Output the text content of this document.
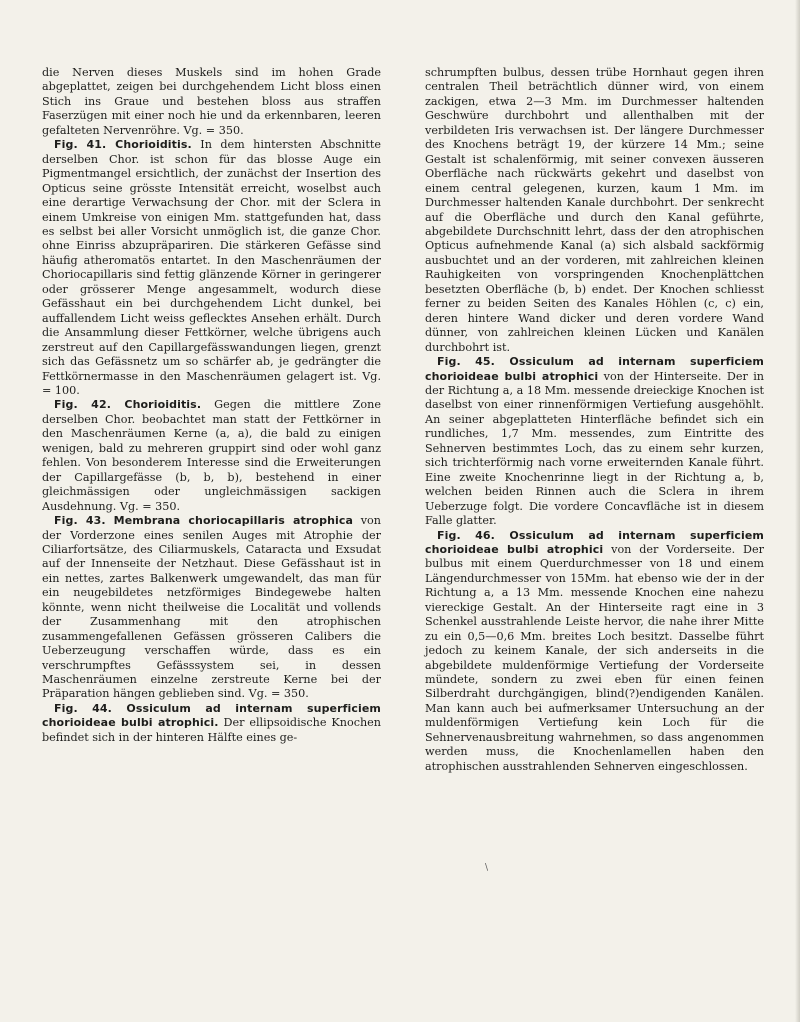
die Nerven dieses Muskels sind im hohen Grade abgeplattet, zeigen bei durchgehendem Licht bloss einen Stich ins Graue und bestehen bloss aus straffen Faserzügen mit einer noch hie und da erkennbaren, leeren gefalteten Nervenröhre. Vg. = 350.

Fig. 41. Chorioiditis. In dem hintersten Abschnitte derselben Chor. ist schon für das blosse Auge ein Pigmentmangel ersichtlich, der zunächst der Insertion des Opticus seine grösste Intensität erreicht, woselbst auch eine derartige Verwachsung der Chor. mit der Sclera in einem Umkreise von einigen Mm. stattgefunden hat, dass es selbst bei aller Vorsicht unmöglich ist, die ganze Chor. ohne Einriss abzupräpariren. Die stärkeren Gefässe sind häufig atheromatös entartet. In den Maschenräumen der Choriocapillaris sind fettig glänzende Körner in geringerer oder grösserer Menge angesammelt, wodurch diese Gefässhaut ein bei durchgehendem Licht dunkel, bei auffallendem Licht weiss geflecktes Ansehen erhält. Durch die Ansammlung dieser Fettkörner, welche übrigens auch zerstreut auf den Capillargefässwandungen liegen, grenzt sich das Gefässnetz um so schärfer ab, je gedrängter die Fettkörnermasse in den Maschenräumen gelagert ist. Vg. = 100.

Fig. 42. Chorioiditis. Gegen die mittlere Zone derselben Chor. beobachtet man statt der Fettkörner in den Maschenräumen Kerne (a, a), die bald zu einigen wenigen, bald zu mehreren gruppirt sind oder wohl ganz fehlen. Von besonderem Interesse sind die Erweiterungen der Capillargefässe (b, b, b), bestehend in einer gleichmässigen oder ungleichmässigen sackigen Ausdehnung. Vg. = 350.

Fig. 43. Membrana choriocapillaris atrophica von der Vorderzone eines senilen Auges mit Atrophie der Ciliarfortsätze, des Ciliarmuskels, Cataracta und Exsudat auf der Innenseite der Netzhaut. Diese Gefässhaut ist in ein nettes, zartes Balkenwerk umgewandelt, das man für ein neugebildetes netzförmiges Bindegewebe halten könnte, wenn nicht theilweise die Localität und vollends der Zusammenhang mit den atrophischen zusammengefallenen Gefässen grösseren Calibers die Ueberzeugung verschaffen würde, dass es ein verschrumpftes Gefässsystem sei, in dessen Maschenräumen einzelne zerstreute Kerne bei der Präparation hängen geblieben sind. Vg. = 350.

Fig. 44. Ossiculum ad internam superficiem chorioideae bulbi atrophici. Der ellipsoidische Knochen befindet sich in der hinteren Hälfte eines ge-

schrumpften bulbus, dessen trübe Hornhaut gegen ihren centralen Theil beträchtlich dünner wird, von einem zackigen, etwa 2—3 Mm. im Durchmesser haltenden Geschwüre durchbohrt und allenthalben mit der verbildeten Iris verwachsen ist. Der längere Durchmesser des Knochens beträgt 19, der kürzere 14 Mm.; seine Gestalt ist schalenförmig, mit seiner convexen äusseren Oberfläche nach rückwärts gekehrt und daselbst von einem central gelegenen, kurzen, kaum 1 Mm. im Durchmesser haltenden Kanale durchbohrt. Der senkrecht auf die Oberfläche und durch den Kanal geführte, abgebildete Durchschnitt lehrt, dass der den atrophischen Opticus aufnehmende Kanal (a) sich alsbald sackförmig ausbuchtet und an der vorderen, mit zahlreichen kleinen Rauhigkeiten von vorspringenden Knochenplättchen besetzten Oberfläche (b, b) endet. Der Knochen schliesst ferner zu beiden Seiten des Kanales Höhlen (c, c) ein, deren hintere Wand dicker und deren vordere Wand dünner, von zahlreichen kleinen Lücken und Kanälen durchbohrt ist.

Fig. 45. Ossiculum ad internam superficiem chorioideae bulbi atrophici von der Hinterseite. Der in der Richtung a, a 18 Mm. messende dreieckige Knochen ist daselbst von einer rinnenförmigen Vertiefung ausgehöhlt. An seiner abgeplatteten Hinterfläche befindet sich ein rundliches, 1,7 Mm. messendes, zum Eintritte des Sehnerven bestimmtes Loch, das zu einem sehr kurzen, sich trichterförmig nach vorne erweiternden Kanale führt. Eine zweite Knochenrinne liegt in der Richtung a, b, welchen beiden Rinnen auch die Sclera in ihrem Ueberzuge folgt. Die vordere Concavfläche ist in diesem Falle glatter.

Fig. 46. Ossiculum ad internam superficiem chorioideae bulbi atrophici von der Vorderseite. Der bulbus mit einem Querdurchmesser von 18 und einem Längendurchmesser von 15Mm. hat ebenso wie der in der Richtung a, a 13 Mm. messende Knochen eine nahezu viereckige Gestalt. An der Hinterseite ragt eine in 3 Schenkel ausstrahlende Leiste hervor, die nahe ihrer Mitte zu ein 0,5—0,6 Mm. breites Loch besitzt. Dasselbe führt jedoch zu keinem Kanale, der sich anderseits in die abgebildete muldenförmige Vertiefung der Vorderseite mündete, sondern zu zwei eben für einen feinen Silberdraht durchgängigen, blind(?)endigenden Kanälen. Man kann auch bei aufmerksamer Untersuchung an der muldenförmigen Vertiefung kein Loch für die Sehnervenausbreitung wahrnehmen, so dass angenommen werden muss, die Knochenlamellen haben den atrophischen ausstrahlenden Sehnerven eingeschlossen.

\
